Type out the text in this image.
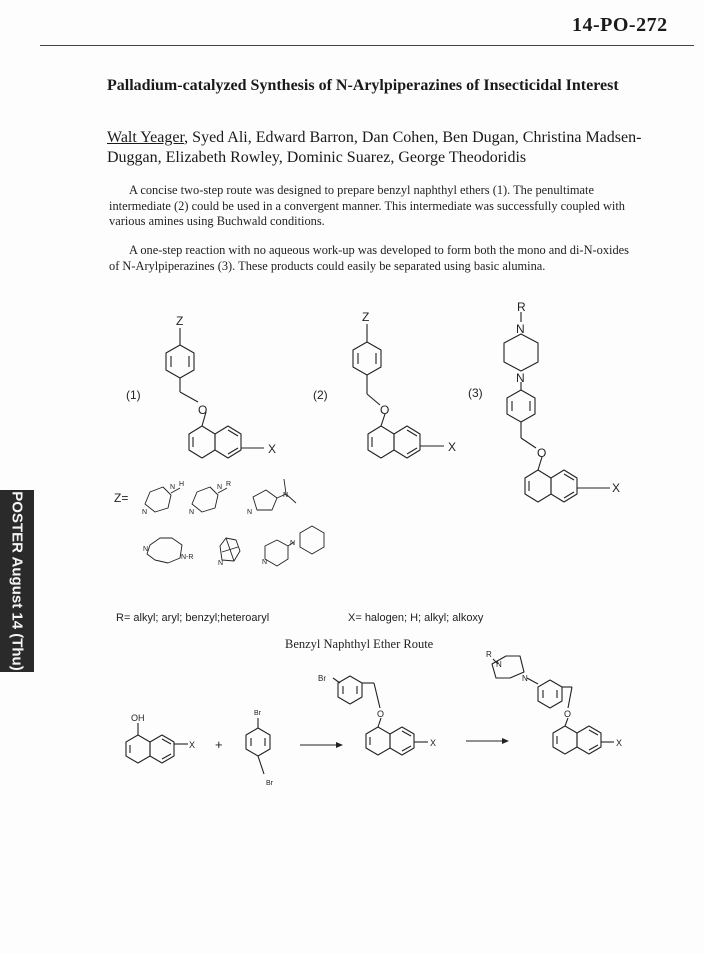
14-PO-272
Palladium-catalyzed Synthesis of N-Arylpiperazines of Insecticidal Interest
Walt Yeager, Syed Ali, Edward Barron, Dan Cohen, Ben Dugan, Christina Madsen-Duggan, Elizabeth Rowley, Dominic Suarez, George Theodoridis
A concise two-step route was designed to prepare benzyl naphthyl ethers (1). The penultimate intermediate (2) could be used in a convergent manner. This intermediate was successfully coupled with various amines using Buchwald conditions.
A one-step reaction with no aqueous work-up was developed to form both the mono and di-N-oxides of N-Arylpiperazines (3). These products could easily be separated using basic alumina.
POSTER August 14 (Thu)
Z
O
X
Z
O
X
R
N
N
O
X
(1)	(2)	(3)
Z=
N
N H
N
N R
N
N
N
N-R
N	N
N
R= alkyl; aryl; benzyl;heteroaryl	X= halogen; H; alkyl; alkoxy
Benzyl Naphthyl Ether Route
OH
X +
Br
Br
Br
O
X
R
N
N
O
X
